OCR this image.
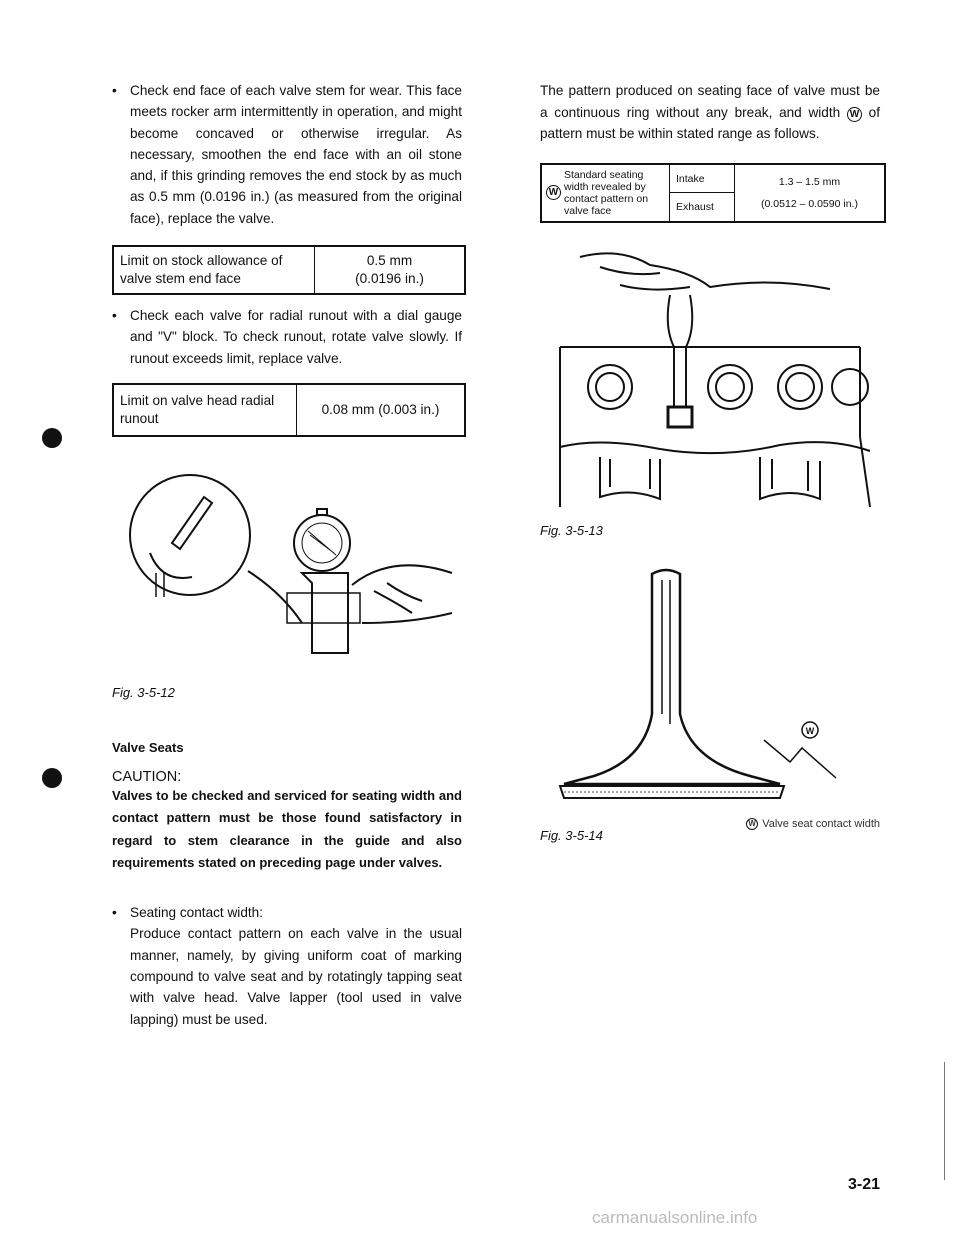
• Check end face of each valve stem for wear. This face meets rocker arm intermittently in operation, and might become concaved or otherwise irregular. As necessary, smoothen the end face with an oil stone and, if this grinding removes the end stock by as much as 0.5 mm (0.0196 in.) (as measured from the original face), replace the valve.

Limit on stock allowance of valve stem end face
0.5 mm
(0.0196 in.)

• Check each valve for radial runout with a dial gauge and "V" block. To check runout, rotate valve slowly. If runout exceeds limit, replace valve.

Limit on valve head radial runout
0.08 mm (0.003 in.)
Fig. 3-5-12
Valve Seats
CAUTION:

Valves to be checked and serviced for seating width and contact pattern must be those found satisfactory in regard to stem clearance in the guide and also requirements stated on preceding page under valves.

• Seating contact width:
Produce contact pattern on each valve in the usual manner, namely, by giving uniform coat of marking compound to valve seat and by rotatingly tapping seat with valve head. Valve lapper (tool used in valve lapping) must be used.

The pattern produced on seating face of valve must be a continuous ring without any break, and width W of pattern must be within stated range as follows.

W
Standard seating width revealed by contact pattern on valve face
Intake
Exhaust
1.3 – 1.5 mm
(0.0512 – 0.0590 in.)
Fig. 3-5-13
W
Fig. 3-5-14
W Valve seat contact width
3-21
carmanualsonline.info
